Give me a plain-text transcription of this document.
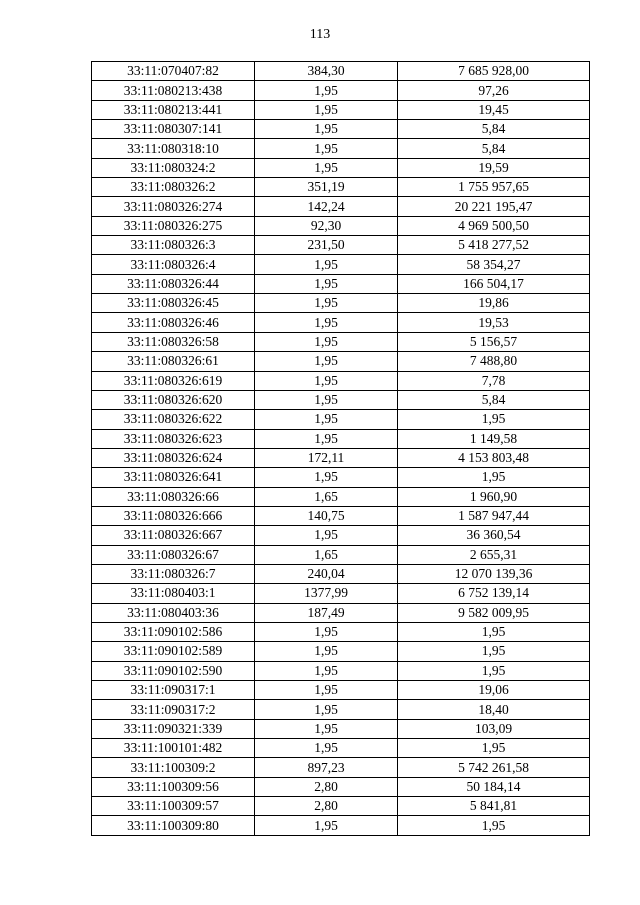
113
33:11:070407:82	384,30	7 685 928,00
33:11:080213:438	1,95	97,26
33:11:080213:441	1,95	19,45
33:11:080307:141	1,95	5,84
33:11:080318:10	1,95	5,84
33:11:080324:2	1,95	19,59
33:11:080326:2	351,19	1 755 957,65
33:11:080326:274	142,24	20 221 195,47
33:11:080326:275	92,30	4 969 500,50
33:11:080326:3	231,50	5 418 277,52
33:11:080326:4	1,95	58 354,27
33:11:080326:44	1,95	166 504,17
33:11:080326:45	1,95	19,86
33:11:080326:46	1,95	19,53
33:11:080326:58	1,95	5 156,57
33:11:080326:61	1,95	7 488,80
33:11:080326:619	1,95	7,78
33:11:080326:620	1,95	5,84
33:11:080326:622	1,95	1,95
33:11:080326:623	1,95	1 149,58
33:11:080326:624	172,11	4 153 803,48
33:11:080326:641	1,95	1,95
33:11:080326:66	1,65	1 960,90
33:11:080326:666	140,75	1 587 947,44
33:11:080326:667	1,95	36 360,54
33:11:080326:67	1,65	2 655,31
33:11:080326:7	240,04	12 070 139,36
33:11:080403:1	1377,99	6 752 139,14
33:11:080403:36	187,49	9 582 009,95
33:11:090102:586	1,95	1,95
33:11:090102:589	1,95	1,95
33:11:090102:590	1,95	1,95
33:11:090317:1	1,95	19,06
33:11:090317:2	1,95	18,40
33:11:090321:339	1,95	103,09
33:11:100101:482	1,95	1,95
33:11:100309:2	897,23	5 742 261,58
33:11:100309:56	2,80	50 184,14
33:11:100309:57	2,80	5 841,81
33:11:100309:80	1,95	1,95
